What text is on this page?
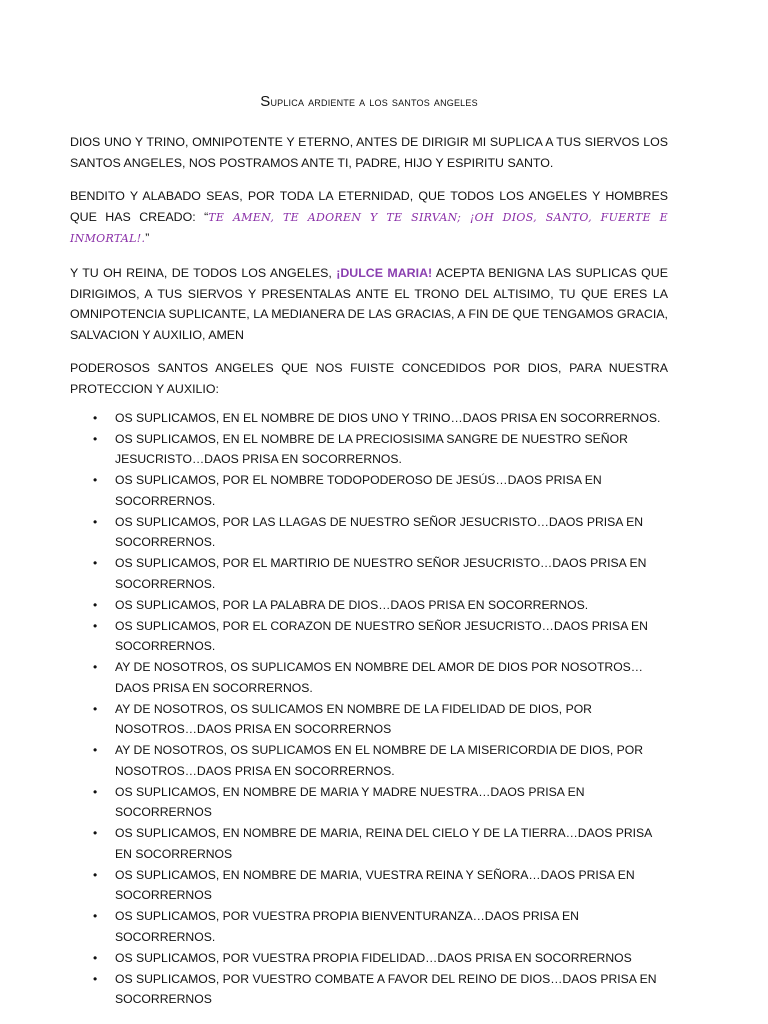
Suplica ardiente a los santos angeles

DIOS UNO Y TRINO, OMNIPOTENTE Y ETERNO, ANTES DE DIRIGIR MI SUPLICA A TUS SIERVOS LOS SANTOS ANGELES, NOS POSTRAMOS ANTE TI, PADRE, HIJO Y ESPIRITU SANTO.

BENDITO Y ALABADO SEAS, POR TODA LA ETERNIDAD, QUE TODOS LOS ANGELES Y HOMBRES QUE HAS CREADO: “TE AMEN, TE ADOREN Y TE SIRVAN; ¡OH DIOS, SANTO, FUERTE E INMORTAL!.”

Y TU OH REINA, DE TODOS LOS ANGELES, ¡DULCE MARIA! ACEPTA BENIGNA LAS SUPLICAS QUE DIRIGIMOS, A TUS SIERVOS Y PRESENTALAS ANTE EL TRONO DEL ALTISIMO, TU QUE ERES LA OMNIPOTENCIA SUPLICANTE, LA MEDIANERA DE LAS GRACIAS, A FIN DE QUE TENGAMOS GRACIA, SALVACION Y AUXILIO, AMEN

PODEROSOS SANTOS ANGELES QUE NOS FUISTE CONCEDIDOS POR DIOS, PARA NUESTRA PROTECCION Y AUXILIO:

• OS SUPLICAMOS, EN EL NOMBRE DE DIOS UNO Y TRINO…DAOS PRISA EN SOCORRERNOS.
• OS SUPLICAMOS, EN EL NOMBRE DE LA PRECIOSISIMA SANGRE DE NUESTRO SEÑOR JESUCRISTO…DAOS PRISA EN SOCORRERNOS.
• OS SUPLICAMOS, POR EL NOMBRE TODOPODEROSO DE JESÚS…DAOS PRISA EN SOCORRERNOS.
• OS SUPLICAMOS, POR LAS LLAGAS DE NUESTRO SEÑOR JESUCRISTO…DAOS PRISA EN SOCORRERNOS.
• OS SUPLICAMOS, POR EL MARTIRIO DE NUESTRO SEÑOR JESUCRISTO…DAOS PRISA EN SOCORRERNOS.
• OS SUPLICAMOS, POR LA PALABRA DE DIOS…DAOS PRISA EN SOCORRERNOS.
• OS SUPLICAMOS, POR EL CORAZON DE NUESTRO SEÑOR JESUCRISTO…DAOS PRISA EN SOCORRERNOS.
• AY DE NOSOTROS, OS SUPLICAMOS EN NOMBRE DEL AMOR DE DIOS POR NOSOTROS…DAOS PRISA EN SOCORRERNOS.
• AY DE NOSOTROS, OS SULICAMOS EN NOMBRE DE LA FIDELIDAD DE DIOS, POR NOSOTROS…DAOS PRISA EN SOCORRERNOS
• AY DE NOSOTROS, OS SUPLICAMOS EN EL NOMBRE DE LA MISERICORDIA DE DIOS, POR NOSOTROS…DAOS PRISA EN SOCORRERNOS.
• OS SUPLICAMOS, EN NOMBRE DE MARIA Y MADRE NUESTRA…DAOS PRISA EN SOCORRERNOS
• OS SUPLICAMOS, EN NOMBRE DE MARIA, REINA DEL CIELO Y DE LA TIERRA…DAOS PRISA EN SOCORRERNOS
• OS SUPLICAMOS, EN NOMBRE DE MARIA, VUESTRA REINA Y SEÑORA…DAOS PRISA EN SOCORRERNOS
• OS SUPLICAMOS, POR VUESTRA PROPIA BIENVENTURANZA…DAOS PRISA EN SOCORRERNOS.
• OS SUPLICAMOS, POR VUESTRA PROPIA FIDELIDAD…DAOS PRISA EN SOCORRERNOS
• OS SUPLICAMOS, POR VUESTRO COMBATE A FAVOR DEL REINO DE DIOS…DAOS PRISA EN SOCORRERNOS
